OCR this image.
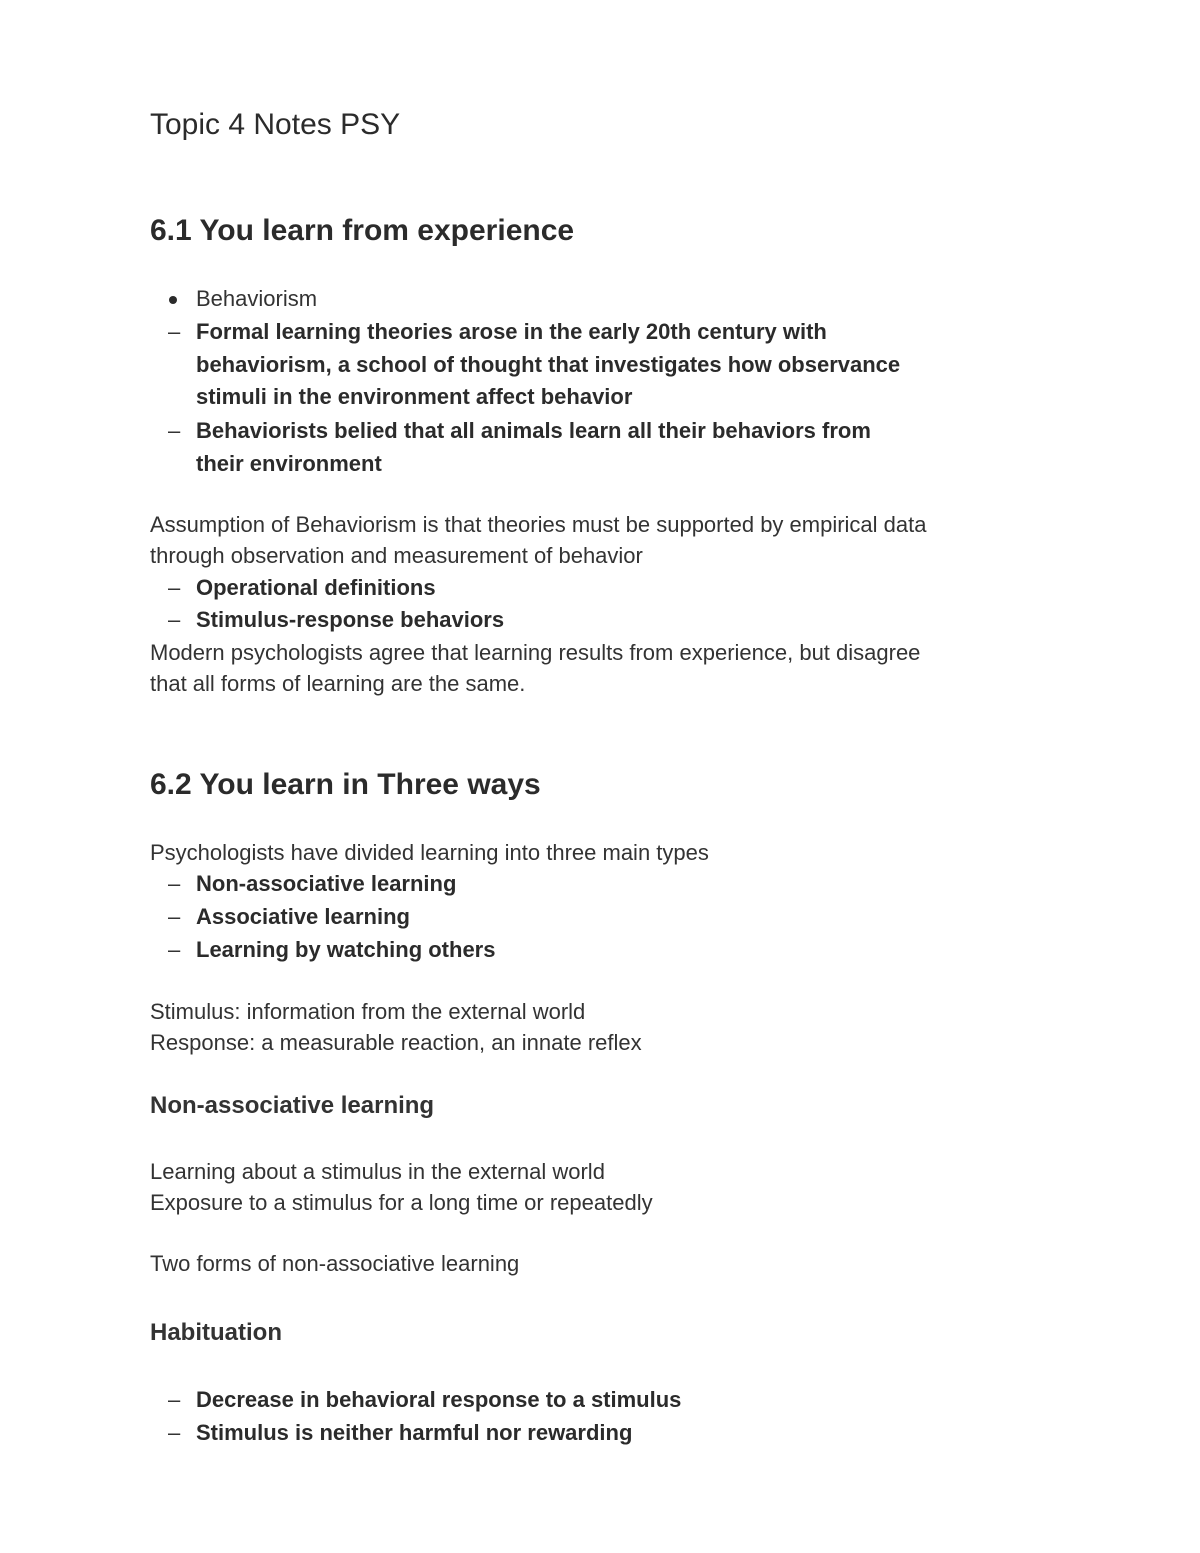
Topic 4 Notes PSY
6.1 You learn from experience
Behaviorism
– Formal learning theories arose in the early 20th century with
behaviorism, a school of thought that investigates how observance
stimuli in the environment affect behavior
– Behaviorists belied that all animals learn all their behaviors from
their environment
Assumption of Behaviorism is that theories must be supported by empirical data
through observation and measurement of behavior
– Operational definitions
– Stimulus-response behaviors
Modern psychologists agree that learning results from experience, but disagree
that all forms of learning are the same.
6.2 You learn in Three ways
Psychologists have divided learning into three main types
– Non-associative learning
– Associative learning
– Learning by watching others
Stimulus: information from the external world
Response: a measurable reaction, an innate reflex
Non-associative learning
Learning about a stimulus in the external world
Exposure to a stimulus for a long time or repeatedly
Two forms of non-associative learning
Habituation
– Decrease in behavioral response to a stimulus
– Stimulus is neither harmful nor rewarding
